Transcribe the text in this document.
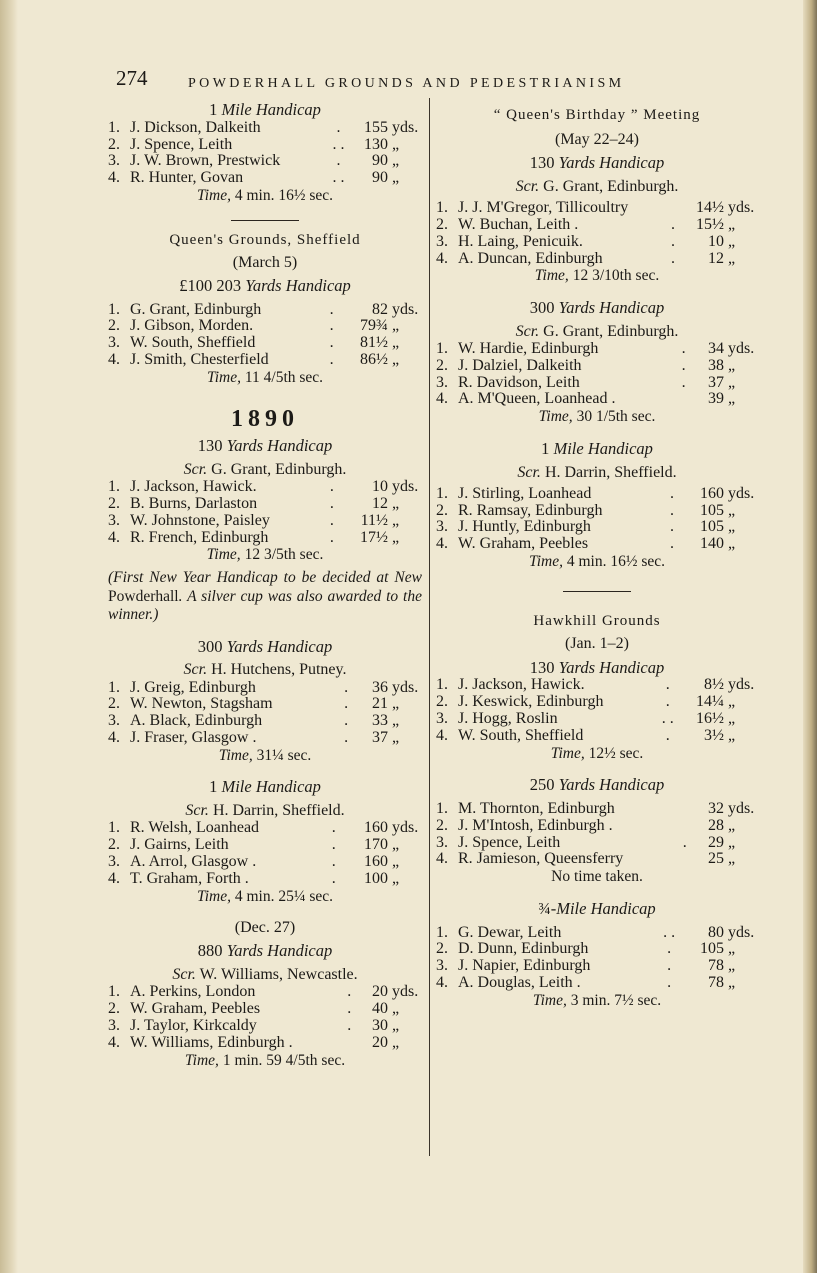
274	POWDERHALL GROUNDS AND PEDESTRIANISM
1 Mile Handicap
1.	J. Dickson, Dalkeith	.	155	yds.
2.	J. Spence, Leith	. .	130	„
3.	J. W. Brown, Prestwick	.	90	„
4.	R. Hunter, Govan	. .	90	„
Time, 4 min. 16½ sec.
Queen's Grounds, Sheffield
(March 5)
£100 203 Yards Handicap
1.	G. Grant, Edinburgh	.	82	yds.
2.	J. Gibson, Morden.	.	79¾	„
3.	W. South, Sheffield	.	81½	„
4.	J. Smith, Chesterfield	.	86½	„
Time, 11 4/5th sec.
1890
130 Yards Handicap
Scr. G. Grant, Edinburgh.
1.	J. Jackson, Hawick.	.	10	yds.
2.	B. Burns, Darlaston	.	12	„
3.	W. Johnstone, Paisley	.	11½	„
4.	R. French, Edinburgh	.	17½	„
Time, 12 3/5th sec.
(First New Year Handicap to be decided at New Powderhall. A silver cup was also awarded to the winner.)
300 Yards Handicap
Scr. H. Hutchens, Putney.
1.	J. Greig, Edinburgh	.	36	yds.
2.	W. Newton, Stagsham	.	21	„
3.	A. Black, Edinburgh	.	33	„
4.	J. Fraser, Glasgow .	.	37	„
Time, 31¼ sec.
1 Mile Handicap
Scr. H. Darrin, Sheffield.
1.	R. Welsh, Loanhead	.	160	yds.
2.	J. Gairns, Leith	.	170	„
3.	A. Arrol, Glasgow .	.	160	„
4.	T. Graham, Forth .	.	100	„
Time, 4 min. 25¼ sec.
(Dec. 27)
880 Yards Handicap
Scr. W. Williams, Newcastle.
1.	A. Perkins, London	.	20	yds.
2.	W. Graham, Peebles	.	40	„
3.	J. Taylor, Kirkcaldy	.	30	„
4.	W. Williams, Edinburgh .		20	„
Time, 1 min. 59 4/5th sec.
“ Queen's Birthday ” Meeting
(May 22–24)
130 Yards Handicap
Scr. G. Grant, Edinburgh.
1.	J. J. M'Gregor, Tillicoultry		14½	yds.
2.	W. Buchan, Leith .	.	15½	„
3.	H. Laing, Penicuik.	.	10	„
4.	A. Duncan, Edinburgh	.	12	„
Time, 12 3/10th sec.
300 Yards Handicap
Scr. G. Grant, Edinburgh.
1.	W. Hardie, Edinburgh	.	34	yds.
2.	J. Dalziel, Dalkeith	.	38	„
3.	R. Davidson, Leith	.	37	„
4.	A. M'Queen, Loanhead .		39	„
Time, 30 1/5th sec.
1 Mile Handicap
Scr. H. Darrin, Sheffield.
1.	J. Stirling, Loanhead	.	160	yds.
2.	R. Ramsay, Edinburgh	.	105	„
3.	J. Huntly, Edinburgh	.	105	„
4.	W. Graham, Peebles	.	140	„
Time, 4 min. 16½ sec.
Hawkhill Grounds
(Jan. 1–2)
130 Yards Handicap
1.	J. Jackson, Hawick.	.	8½	yds.
2.	J. Keswick, Edinburgh	.	14¼	„
3.	J. Hogg, Roslin	. .	16½	„
4.	W. South, Sheffield	.	3½	„
Time, 12½ sec.
250 Yards Handicap
1.	M. Thornton, Edinburgh		32	yds.
2.	J. M'Intosh, Edinburgh .		28	„
3.	J. Spence, Leith	.	29	„
4.	R. Jamieson, Queensferry		25	„
No time taken.
¾-Mile Handicap
1.	G. Dewar, Leith	. .	80	yds.
2.	D. Dunn, Edinburgh	.	105	„
3.	J. Napier, Edinburgh	.	78	„
4.	A. Douglas, Leith .	.	78	„
Time, 3 min. 7½ sec.
